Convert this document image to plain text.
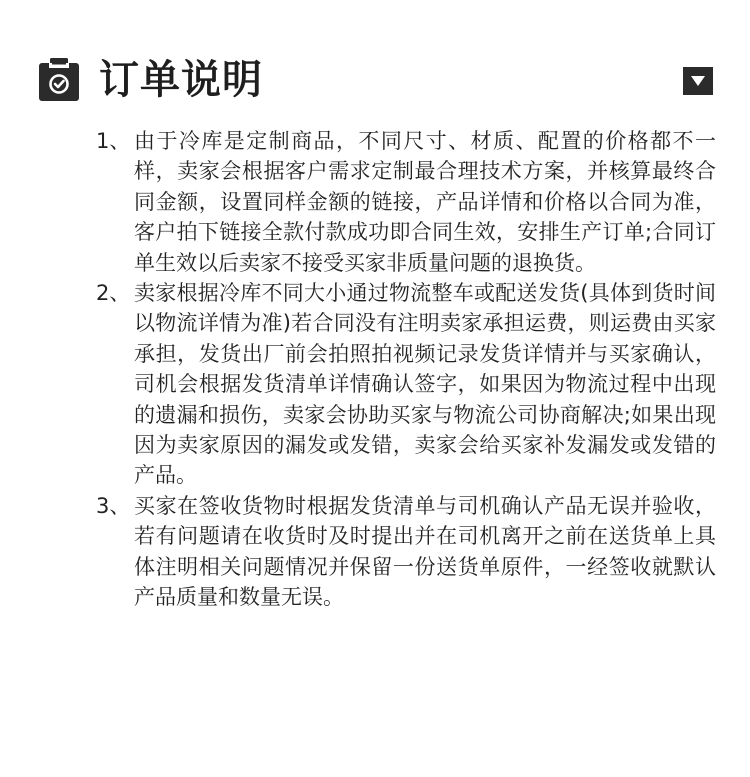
订单说明
1、 由于冷库是定制商品，不同尺寸、材质、配置的价格都不一样，卖家会根据客户需求定制最合理技术方案，并核算最终合同金额，设置同样金额的链接，产品详情和价格以合同为准，客户拍下链接全款付款成功即合同生效，安排生产订单;合同订单生效以后卖家不接受买家非质量问题的退换货。
2、 卖家根据冷库不同大小通过物流整车或配送发货(具体到货时间以物流详情为准)若合同没有注明卖家承担运费，则运费由买家承担，发货出厂前会拍照拍视频记录发货详情并与买家确认，司机会根据发货清单详情确认签字，如果因为物流过程中出现的遗漏和损伤，卖家会协助买家与物流公司协商解决;如果出现因为卖家原因的漏发或发错，卖家会给买家补发漏发或发错的产品。
3、 买家在签收货物时根据发货清单与司机确认产品无误并验收，若有问题请在收货时及时提出并在司机离开之前在送货单上具体注明相关问题情况并保留一份送货单原件，一经签收就默认产品质量和数量无误。
